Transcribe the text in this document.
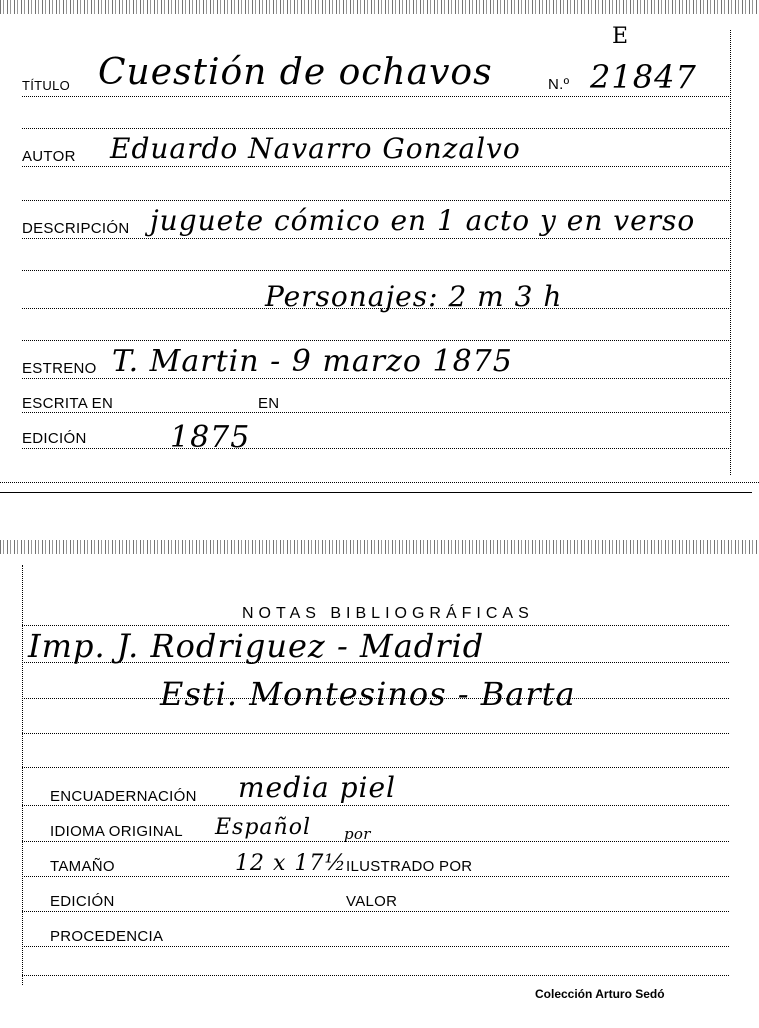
TÍTULO Cuestión de ochavos	N.º 21847
E
AUTOR Eduardo Navarro Gonzalvo
DESCRIPCIÓN juguete cómico en 1 acto y en verso
Personajes: 2 m 3 h
ESTRENO T. Martin - 9 marzo 1875
ESCRITA EN	EN
EDICIÓN	1875
NOTAS BIBLIOGRÁFICAS
Imp. J. Rodriguez - Madrid
Esti. Montesinos - Barta
ENCUADERNACIÓN media piel
IDIOMA ORIGINAL Español por
TAMAÑO	12 x 17½ ILUSTRADO POR
EDICIÓN	VALOR
PROCEDENCIA
Colección Arturo Sedó
